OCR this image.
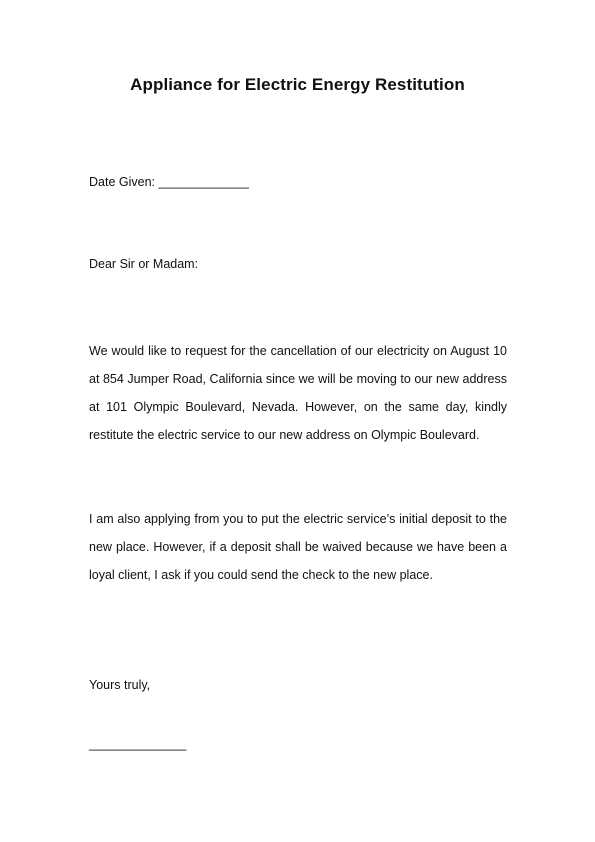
Appliance for Electric Energy Restitution
Date Given: _____________
Dear Sir or Madam:

We would like to request for the cancellation of our electricity on August 10 at 854 Jumper Road, California since we will be moving to our new address at 101 Olympic Boulevard, Nevada. However, on the same day, kindly restitute the electric service to our new address on Olympic Boulevard.

I am also applying from you to put the electric service’s initial deposit to the new place. However, if a deposit shall be waived because we have been a loyal client, I ask if you could send the check to the new place.

Yours truly,
_______________
